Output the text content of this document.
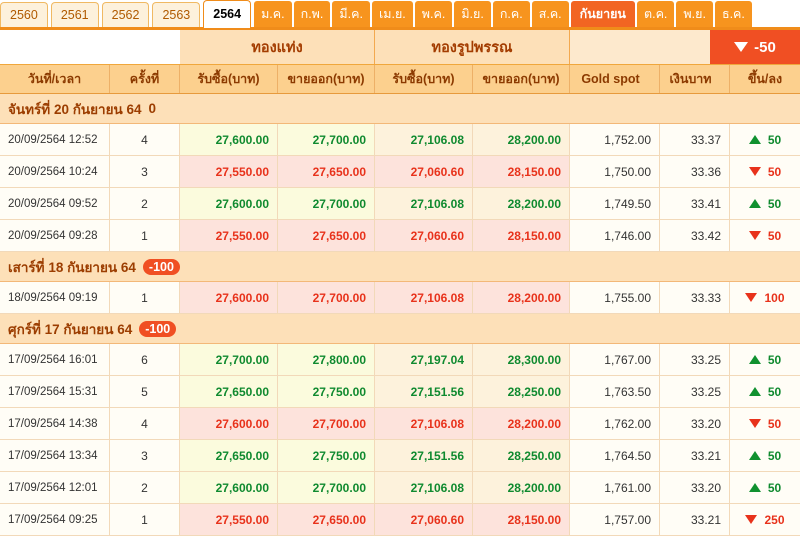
2560	2561	2562	2563	2564	ม.ค.	ก.พ.	มี.ค.	เม.ย.	พ.ค.	มิ.ย.	ก.ค.	ส.ค.	กันยายน	ต.ค.	พ.ย.	ธ.ค.
ทองแท่ง	ทองรูปพรรณ	-50
วันที่/เวลา	ครั้งที่	รับซื้อ(บาท)	ขายออก(บาท)	รับซื้อ(บาท)	ขายออก(บาท)	Gold spot	เงินบาท	ขึ้น/ลง
จันทร์ที่ 20 กันยายน 64 0
20/09/2564 12:52	4	27,600.00	27,700.00	27,106.08	28,200.00	1,752.00	33.37	50
20/09/2564 10:24	3	27,550.00	27,650.00	27,060.60	28,150.00	1,750.00	33.36	50
20/09/2564 09:52	2	27,600.00	27,700.00	27,106.08	28,200.00	1,749.50	33.41	50
20/09/2564 09:28	1	27,550.00	27,650.00	27,060.60	28,150.00	1,746.00	33.42	50
เสาร์ที่ 18 กันยายน 64	-100
18/09/2564 09:19	1	27,600.00	27,700.00	27,106.08	28,200.00	1,755.00	33.33	100
ศุกร์ที่ 17 กันยายน 64	-100
17/09/2564 16:01	6	27,700.00	27,800.00	27,197.04	28,300.00	1,767.00	33.25	50
17/09/2564 15:31	5	27,650.00	27,750.00	27,151.56	28,250.00	1,763.50	33.25	50
17/09/2564 14:38	4	27,600.00	27,700.00	27,106.08	28,200.00	1,762.00	33.20	50
17/09/2564 13:34	3	27,650.00	27,750.00	27,151.56	28,250.00	1,764.50	33.21	50
17/09/2564 12:01	2	27,600.00	27,700.00	27,106.08	28,200.00	1,761.00	33.20	50
17/09/2564 09:25	1	27,550.00	27,650.00	27,060.60	28,150.00	1,757.00	33.21	250
